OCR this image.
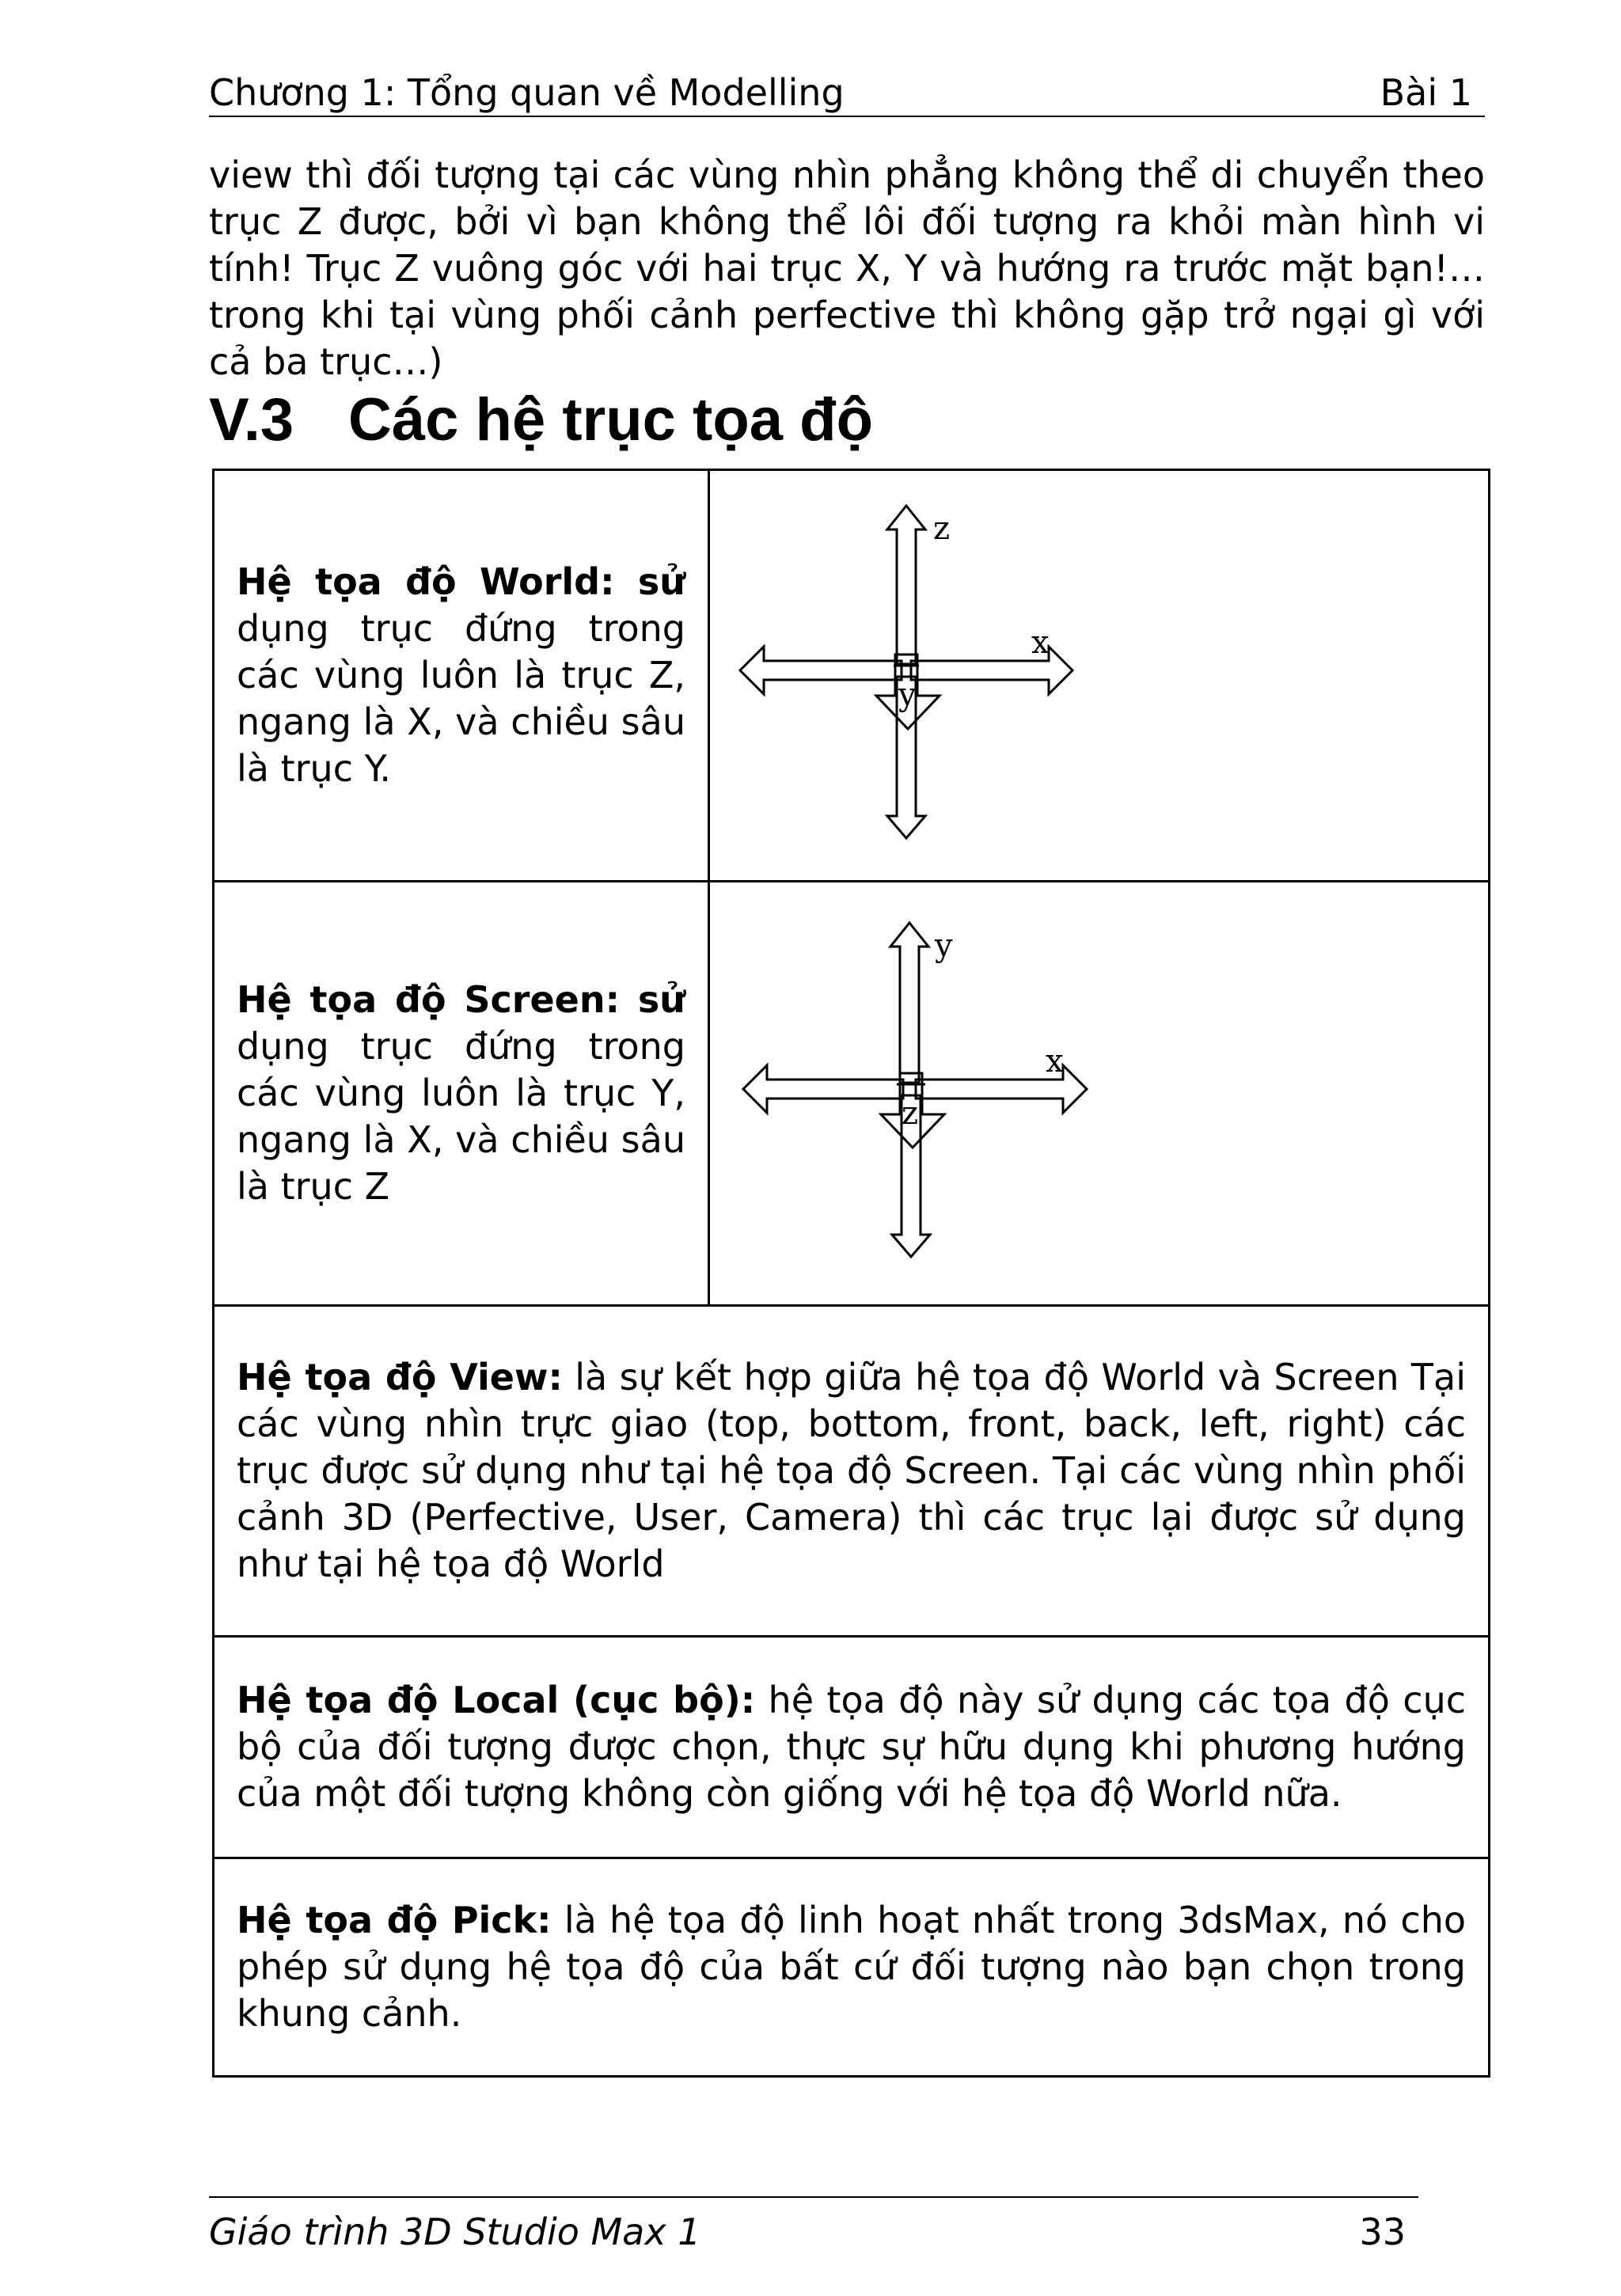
Chương 1: Tổng quan về Modelling	Bài 1

view thì đối tượng tại các vùng nhìn phẳng không thể di chuyển theo trục Z được, bởi vì bạn không thể lôi đối tượng ra khỏi màn hình vi tính! Trục Z vuông góc với hai trục X, Y và hướng ra trước mặt bạn!… trong khi tại vùng phối cảnh perfective thì không gặp trở ngại gì với cả ba trục…)

V.3 Các hệ trục tọa độ
Hệ tọa độ World: sử dụng trục đứng trong các vùng luôn là trục Z, ngang là X, và chiều sâu là trục Y.	z
x
y

Hệ tọa độ Screen: sử dụng trục đứng trong các vùng luôn là trục Y, ngang là X, và chiều sâu là trục Z	y
x
z

Hệ tọa độ View: là sự kết hợp giữa hệ tọa độ World và Screen Tại các vùng nhìn trực giao (top, bottom, front, back, left, right) các trục được sử dụng như tại hệ tọa độ Screen. Tại các vùng nhìn phối cảnh 3D (Perfective, User, Camera) thì các trục lại được sử dụng như tại hệ tọa độ World	
Hệ tọa độ Local (cục bộ): hệ tọa độ này sử dụng các tọa độ cục bộ của đối tượng được chọn, thực sự hữu dụng khi phương hướng của một đối tượng không còn giống với hệ tọa độ World nữa.	
Hệ tọa độ Pick: là hệ tọa độ linh hoạt nhất trong 3dsMax, nó cho phép sử dụng hệ tọa độ của bất cứ đối tượng nào bạn chọn trong khung cảnh.	
Giáo trình 3D Studio Max 1	33
